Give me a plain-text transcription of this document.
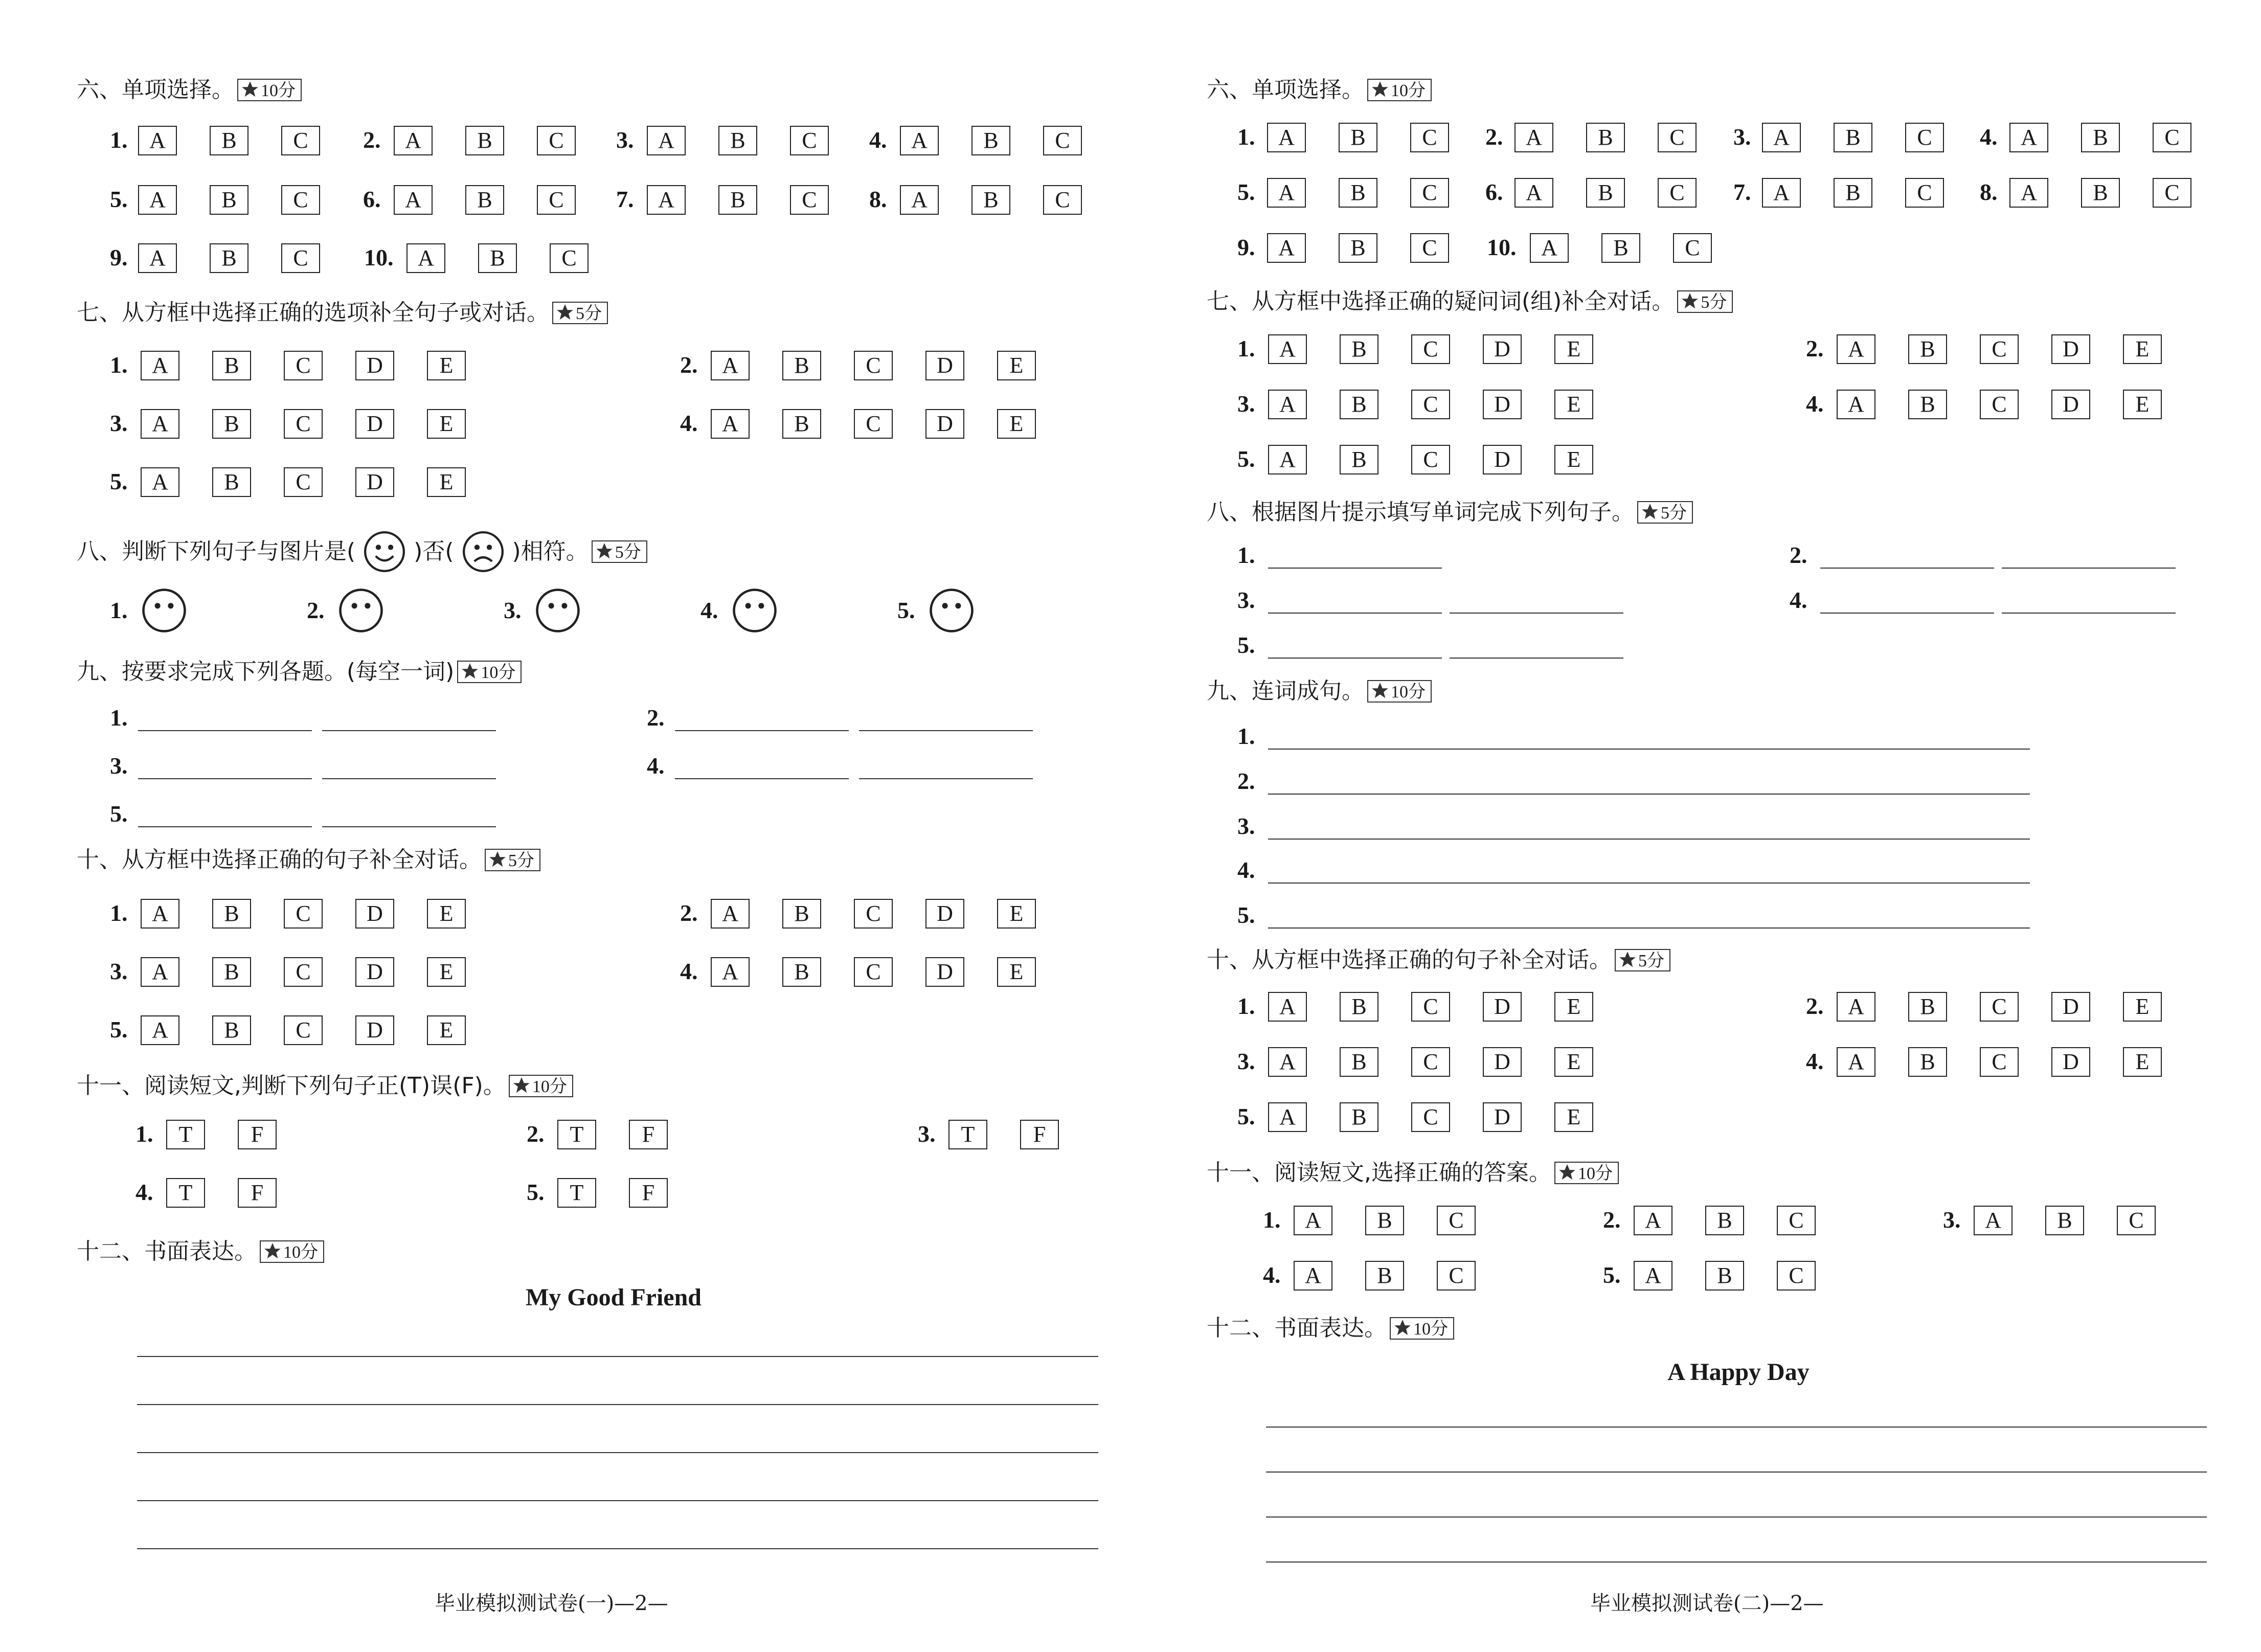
六、单项选择。 10分
七、从方框中选择正确的选项补全句子或对话。 5分
八、判断下列句子与图片是(	)否(	)相符。 5分
九、按要求完成下列各题。(每空一词) 10分
十、从方框中选择正确的句子补全对话。 5分
十一、阅读短文,判断下列句子正(T)误(F)。 10分
十二、书面表达。 10分
My Good Friend
毕业模拟测试卷(一)—2—
六、单项选择。 10分
七、从方框中选择正确的疑问词(组)补全对话。 5分
八、根据图片提示填写单词完成下列句子。 5分
九、连词成句。 10分
十、从方框中选择正确的句子补全对话。 5分
十一、阅读短文,选择正确的答案。 10分
十二、书面表达。 10分
A Happy Day
毕业模拟测试卷(二)—2—
1. A	B	C	2.	A	B	C	3.	A	B	C	4.	A	B	C
5. A	B	C	6.	A	B	C	7.	A	B	C	8.	A	B	C
9. A	B	C	10.	A	B	C
1.	A	B	C	D	E	2.	A	B	C	D	E
3.	A	B	C	D	E	4.	A	B	C	D	E
5.	A	B	C	D	E
1.	A	B	C	D	E	2.	A	B	C	D	E
3.	A	B	C	D	E	4.	A	B	C	D	E
5.	A	B	C	D	E
1.	2.	3.	4.	5.
1.	2.
3.	4.
5.
1.	T	F	2.	T	F	3.	T	F
4.	T	F	5.	T	F
1.	A	B	C	2.	A	B	C	3. A	B	C	4.	A	B	C
5.	A	B	C	6.	A	B	C	7. A	B	C	8.	A	B	C
9.	A	B	C	10.	A	B	C
1.	A	B	C	D	E	2.	A	B	C	D	E
3.	A	B	C	D	E	4.	A	B	C	D	E
5.	A	B	C	D	E
1.	A	B	C	D	E	2.	A	B	C	D	E
3.	A	B	C	D	E	4.	A	B	C	D	E
5.	A	B	C	D	E
1.	2.
3.	4.
5.
1.
2.
3.
4.
5.
1.	A	B	C	2.	A	B	C	3.	A	B	C
4.	A	B	C	5.	A	B	C
